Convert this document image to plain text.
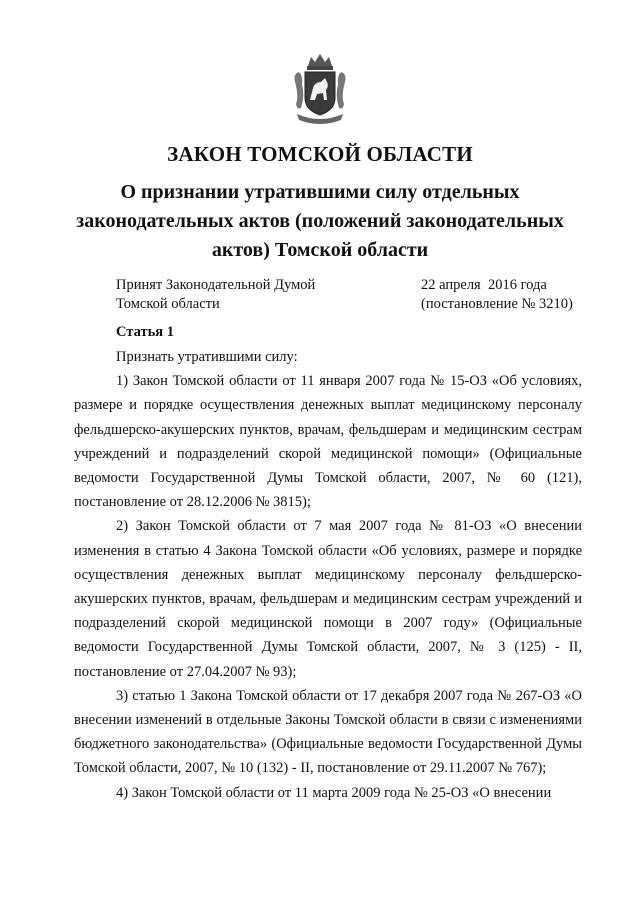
ЗАКОН ТОМСКОЙ ОБЛАСТИ
О признании утратившими силу отдельных законодательных актов (положений законодательных актов) Томской области
Принят Законодательной Думой
Томской области
22 апреля  2016 года
(постановление № 3210)
Статья 1

Признать утратившими силу:

1) Закон Томской области от 11 января 2007 года № 15-ОЗ «Об условиях, размере и порядке осуществления денежных выплат медицинскому персоналу фельдшерско-акушерских пунктов, врачам, фельдшерам и медицинским сестрам учреждений и подразделений скорой медицинской помощи» (Официальные ведомости Государственной Думы Томской области, 2007, № 60 (121), постановление от 28.12.2006 № 3815);

2) Закон Томской области от 7 мая 2007 года № 81-ОЗ «О внесении изменения в статью 4 Закона Томской области «Об условиях, размере и порядке осуществления денежных выплат медицинскому персоналу фельдшерско-акушерских пунктов, врачам, фельдшерам и медицинским сестрам учреждений и подразделений скорой медицинской помощи в 2007 году» (Официальные ведомости Государственной Думы Томской области, 2007, № 3 (125) - II, постановление от 27.04.2007 № 93);

3) статью 1 Закона Томской области от 17 декабря 2007 года № 267-ОЗ «О внесении изменений в отдельные Законы Томской области в связи с изменениями бюджетного законодательства» (Официальные ведомости Государственной Думы Томской области, 2007, № 10 (132) - II, постановление от 29.11.2007 № 767);

4) Закон Томской области от 11 марта 2009 года № 25-ОЗ «О внесении
